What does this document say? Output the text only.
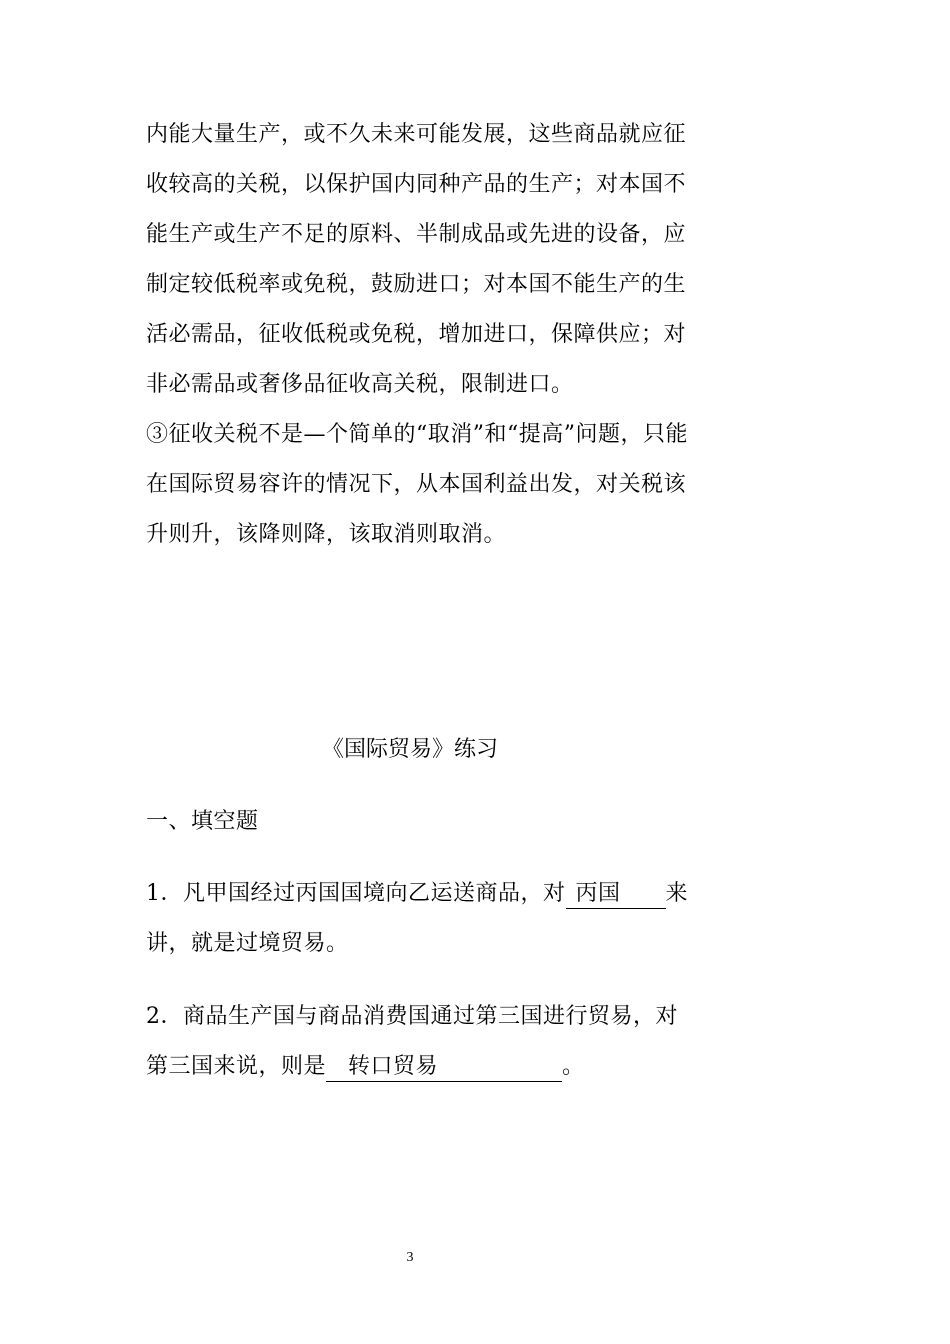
内能大量生产，或不久未来可能发展，这些商品就应征
收较高的关税，以保护国内同种产品的生产；对本国不
能生产或生产不足的原料、半制成品或先进的设备，应
制定较低税率或免税，鼓励进口；对本国不能生产的生
活必需品，征收低税或免税，增加进口，保障供应；对
非必需品或奢侈品征收高关税，限制进口。
③征收关税不是—个简单的“取消”和“提高”问题，只能
在国际贸易容许的情况下，从本国利益出发，对关税该
升则升，该降则降，该取消则取消。
《国际贸易》练习
一、填空题
1．凡甲国经过丙国国境向乙运送商品，对 丙国 来
讲，就是过境贸易。
2．商品生产国与商品消费国通过第三国进行贸易，对
第三国来说，则是 转口贸易	。
3
